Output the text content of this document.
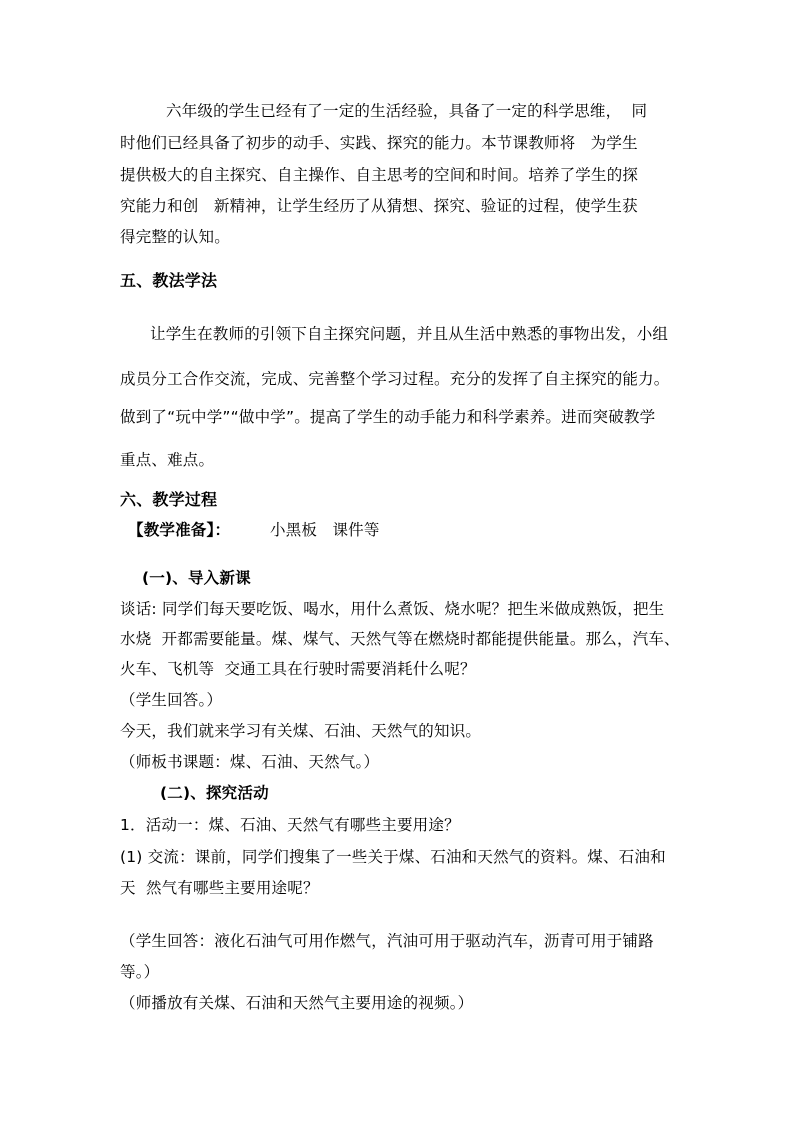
六年级的学生已经有了一定的生活经验，具备了一定的科学思维，  同
时他们已经具备了初步的动手、实践、探究的能力。本节课教师将   为学生
提供极大的自主探究、自主操作、自主思考的空间和时间。培养了学生的探
究能力和创   新精神，让学生经历了从猜想、探究、验证的过程，使学生获
得完整的认知。
五、教法学法
让学生在教师的引领下自主探究问题，并且从生活中熟悉的事物出发，小组
成员分工合作交流，完成、完善整个学习过程。充分的发挥了自主探究的能力。
做到了“玩中学”“做中学”。提高了学生的动手能力和科学素养。进而突破教学
重点、难点。
六、教学过程
【教学准备】：	小黑板   课件等
(一)、导入新课
谈话: 同学们每天要吃饭、喝水，用什么煮饭、烧水呢？把生米做成熟饭，把生
水烧  开都需要能量。煤、煤气、天然气等在燃烧时都能提供能量。那么，汽车、
火车、飞机等  交通工具在行驶时需要消耗什么呢？
（学生回答。）
今天，我们就来学习有关煤、石油、天然气的知识。
（师板书课题：煤、石油、天然气。）
(二)、探究活动
1．活动一：煤、石油、天然气有哪些主要用途？
(1) 交流：课前，同学们搜集了一些关于煤、石油和天然气的资料。煤、石油和
天  然气有哪些主要用途呢？
（学生回答：液化石油气可用作燃气，汽油可用于驱动汽车，沥青可用于铺路
等。）
（师播放有关煤、石油和天然气主要用途的视频。）
